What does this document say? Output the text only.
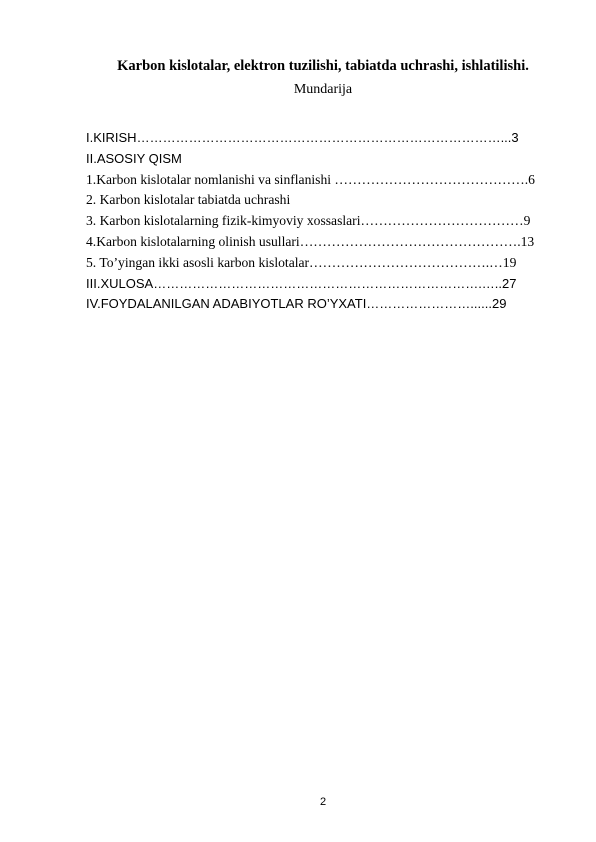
Karbon kislotalar, elektron tuzilishi, tabiatda uchrashi, ishlatilishi.
Mundarija
I.KIRISH…………………………………………………………………………...3
II.ASOSIY QISM
1.Karbon kislotalar nomlanishi va sinflanishi …………………………………….6
2. Karbon kislotalar tabiatda uchrashi
3. Karbon kislotalarning fizik-kimyoviy xossaslari………………………………9
4.Karbon kislotalarning olinish usullari………………………………………….13
5. To’yingan ikki asosli karbon kislotalar………………………………….…19
III.XULOSA………………………………………………………………….…..27
IV.FOYDALANILGAN ADABIYOTLAR RO’YXATI……………………......29
2
